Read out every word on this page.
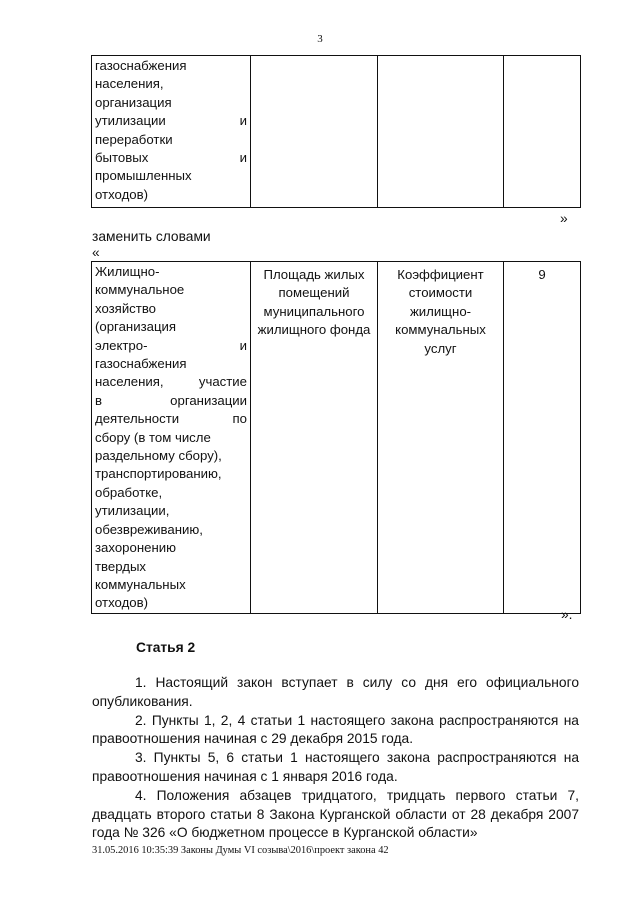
3
газоснабжения
населения,
организация
утилизации	и
переработки
бытовых	и
промышленных
отходов)

»
заменить словами
«
Жилищно-
коммунальное
хозяйство
(организация
электро-	и
газоснабжения
населения,	участие
в	организации
деятельности	по
сбору (в том числе
раздельному сбору),
транспортированию,
обработке,
утилизации,
обезвреживанию,
захоронению
твердых
коммунальных
отходов)

Площадь жилых
помещений
муниципального
жилищного фонда

Коэффициент
стоимости
жилищно-
коммунальных
услуг

9
».
Статья 2

1. Настоящий закон вступает в силу со дня его официального опубликования.

2. Пункты 1, 2, 4 статьи 1 настоящего закона распространяются на правоотношения начиная с 29 декабря 2015 года.

3. Пункты 5, 6 статьи 1 настоящего закона распространяются на правоотношения начиная с 1 января 2016 года.

4. Положения абзацев тридцатого, тридцать первого статьи 7, двадцать второго статьи 8 Закона Курганской области от 28 декабря 2007 года № 326 «О бюджетном процессе в Курганской области»

31.05.2016 10:35:39 Законы Думы VI созыва\2016\проект закона 42
